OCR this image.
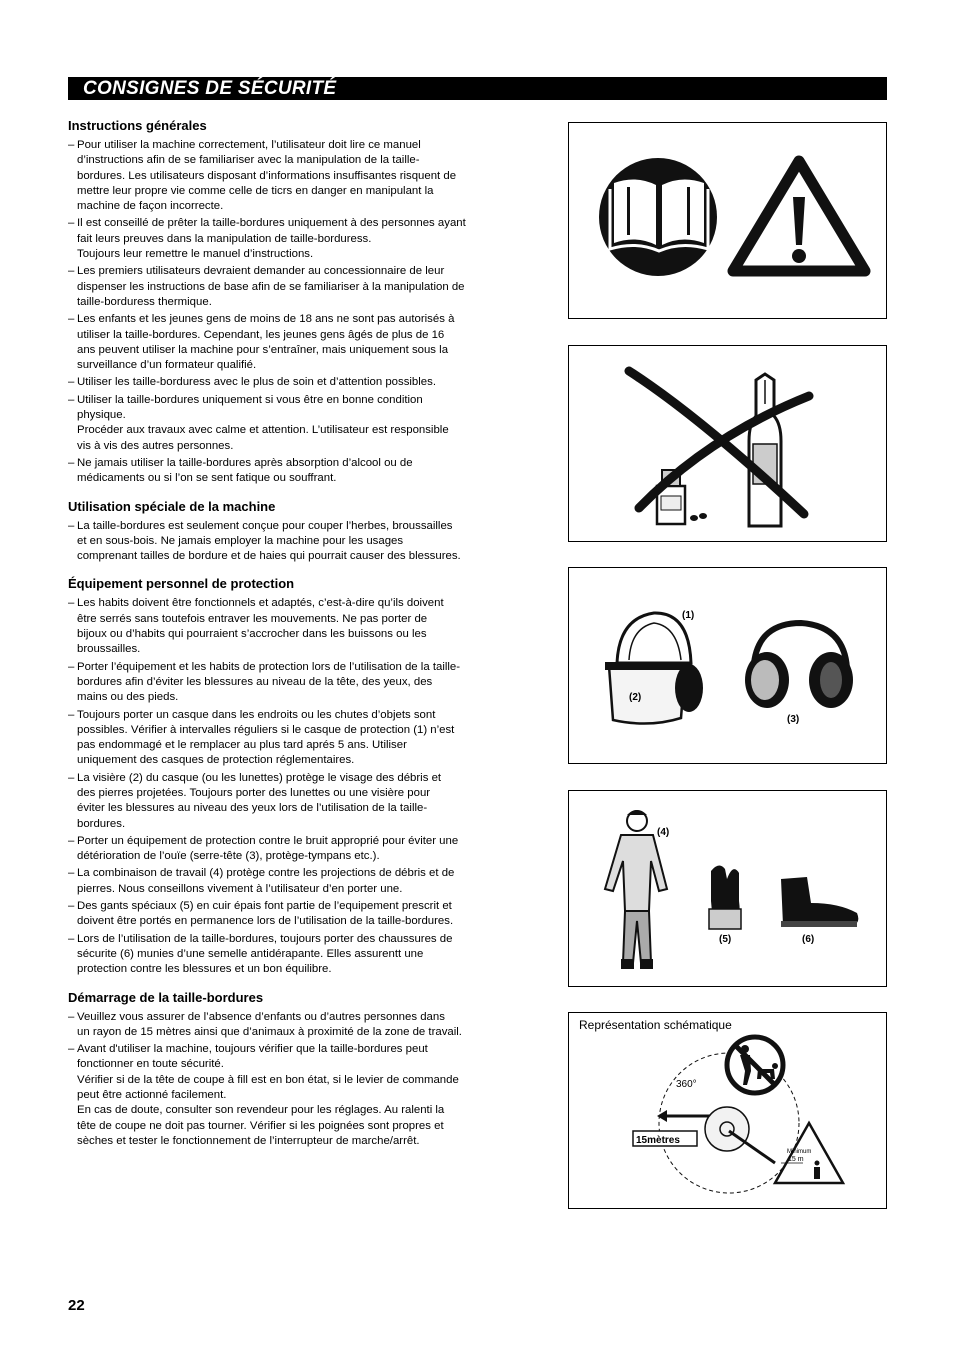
CONSIGNES DE SÉCURITÉ
Instructions générales
– Pour utiliser la machine correctement, l’utilisateur doit lire ce manuel
d’instructions afin de se familiariser avec la manipulation de la taille-
bordures. Les utilisateurs disposant d’informations insuffisantes risquent de
mettre leur propre vie comme celle de ticrs en danger en manipulant la
machine de façon incorrecte.
– Il est conseillé de prêter la taille-bordures uniquement à des personnes ayant
fait leurs preuves dans la manipulation de taille-borduress.
Toujours leur remettre le manuel d’instructions.
– Les premiers utilisateurs devraient demander au concessionnaire de leur
dispenser les instructions de base afin de se familiariser à la manipulation de
taille-borduress thermique.
– Les enfants et les jeunes gens de moins de 18 ans ne sont pas autorisés à
utiliser la taille-bordures. Cependant, les jeunes gens âgés de plus de 16
ans peuvent utiliser la machine pour s’entraîner, mais uniquement sous la
surveillance d’un formateur qualifié.
– Utiliser les taille-borduress avec le plus de soin et d’attention possibles.
– Utiliser la taille-bordures uniquement si vous être en bonne condition
physique.
Procéder aux travaux avec calme et attention. L’utilisateur est responsible
vis à vis des autres personnes.
– Ne jamais utiliser la taille-bordures après absorption d’alcool ou de
médicaments ou si l’on se sent fatique ou souffrant.
Utilisation spéciale de la machine
– La taille-bordures est seulement conçue pour couper l’herbes, broussailles
et en sous-bois. Ne jamais employer la machine pour les usages
comprenant tailles de bordure et de haies qui pourrait causer des blessures.
Équipement personnel de protection
– Les habits doivent être fonctionnels et adaptés, c’est-à-dire qu’ils doivent
être serrés sans toutefois entraver les mouvements. Ne pas porter de
bijoux ou d’habits qui pourraient s’accrocher dans les buissons ou les
broussailles.
– Porter l’équipement et les habits de protection lors de l’utilisation de la taille-
bordures afin d’éviter les blessures au niveau de la tête, des yeux, des
mains ou des pieds.
– Toujours porter un casque dans les endroits ou les chutes d’objets sont
possibles. Vérifier à intervalles réguliers si le casque de protection (1) n’est
pas endommagé et le remplacer au plus tard aprés 5 ans. Utiliser
uniquement des casques de protection réglementaires.
– La visière (2) du casque (ou les lunettes) protège le visage des débris et
des pierres projetées. Toujours porter des lunettes ou une visière pour
éviter les blessures au niveau des yeux lors de l’utilisation de la taille-
bordures.
– Porter un équipement de protection contre le bruit approprié pour éviter une
détérioration de l’ouïe (serre-tête (3), protège-tympans etc.).
– La combinaison de travail (4) protège contre les projections de débris et de
pierres. Nous conseillons vivement à l’utilisateur d’en porter une.
– Des gants spéciaux (5) en cuir épais font partie de l’equipement prescrit et
doivent être portés en permanence lors de l’utilisation de la taille-bordures.
– Lors de l’utilisation de la taille-bordures, toujours porter des chaussures de
sécurite (6) munies d’une semelle antidérapante. Elles assurentt une
protection contre les blessures et un bon équilibre.
Démarrage de la taille-bordures
– Veuillez vous assurer de l’absence d’enfants ou d’autres personnes dans
un rayon de 15 mètres ainsi que d’animaux à proximité de la zone de travail.
– Avant d'utiliser la machine, toujours vérifier que la taille-bordures peut
fonctionner en toute sécurité.
Vérifier si de la tête de coupe à fill est en bon état, si le levier de commande
peut être actionné facilement.
En cas de doute, consulter son revendeur pour les réglages. Au ralenti la
tête de coupe ne doit pas tourner. Vérifier si les poignées sont propres et
sèches et tester le fonctionnement de l’interrupteur de marche/arrêt.
(1)
(2)
(3)
(4)
(5)	(6)
Représentation schématique
360°
15mètres
Minimum
15 m
22
